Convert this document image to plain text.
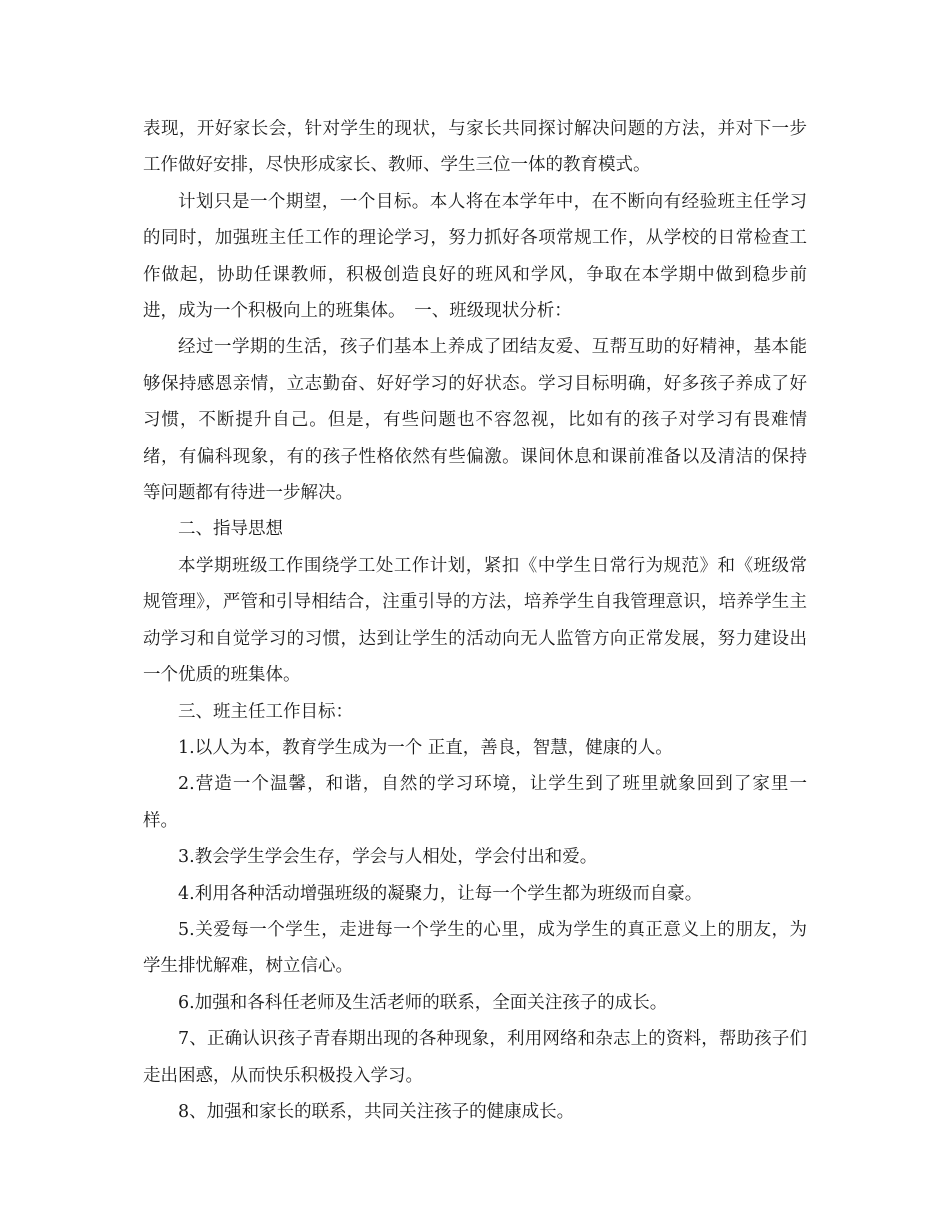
表现，开好家长会，针对学生的现状，与家长共同探讨解决问题的方法，并对下一步工作做好安排，尽快形成家长、教师、学生三位一体的教育模式。

计划只是一个期望，一个目标。本人将在本学年中，在不断向有经验班主任学习的同时，加强班主任工作的理论学习，努力抓好各项常规工作，从学校的日常检查工作做起，协助任课教师，积极创造良好的班风和学风，争取在本学期中做到稳步前进，成为一个积极向上的班集体。　一、班级现状分析：

经过一学期的生活，孩子们基本上养成了团结友爱、互帮互助的好精神，基本能够保持感恩亲情，立志勤奋、好好学习的好状态。学习目标明确，好多孩子养成了好习惯，不断提升自己。但是，有些问题也不容忽视，比如有的孩子对学习有畏难情绪，有偏科现象，有的孩子性格依然有些偏激。课间休息和课前准备以及清洁的保持等问题都有待进一步解决。

二、指导思想

本学期班级工作围绕学工处工作计划，紧扣《中学生日常行为规范》和《班级常规管理》，严管和引导相结合，注重引导的方法，培养学生自我管理意识，培养学生主动学习和自觉学习的习惯，达到让学生的活动向无人监管方向正常发展，努力建设出一个优质的班集体。

三、班主任工作目标：

1.以人为本，教育学生成为一个 正直，善良，智慧，健康的人。

2.营造一个温馨，和谐，自然的学习环境，让学生到了班里就象回到了家里一样。

3.教会学生学会生存，学会与人相处，学会付出和爱。

4.利用各种活动增强班级的凝聚力，让每一个学生都为班级而自豪。

5.关爱每一个学生，走进每一个学生的心里，成为学生的真正意义上的朋友，为学生排忧解难，树立信心。

6.加强和各科任老师及生活老师的联系，全面关注孩子的成长。

7、正确认识孩子青春期出现的各种现象，利用网络和杂志上的资料，帮助孩子们走出困惑，从而快乐积极投入学习。

8、加强和家长的联系，共同关注孩子的健康成长。
